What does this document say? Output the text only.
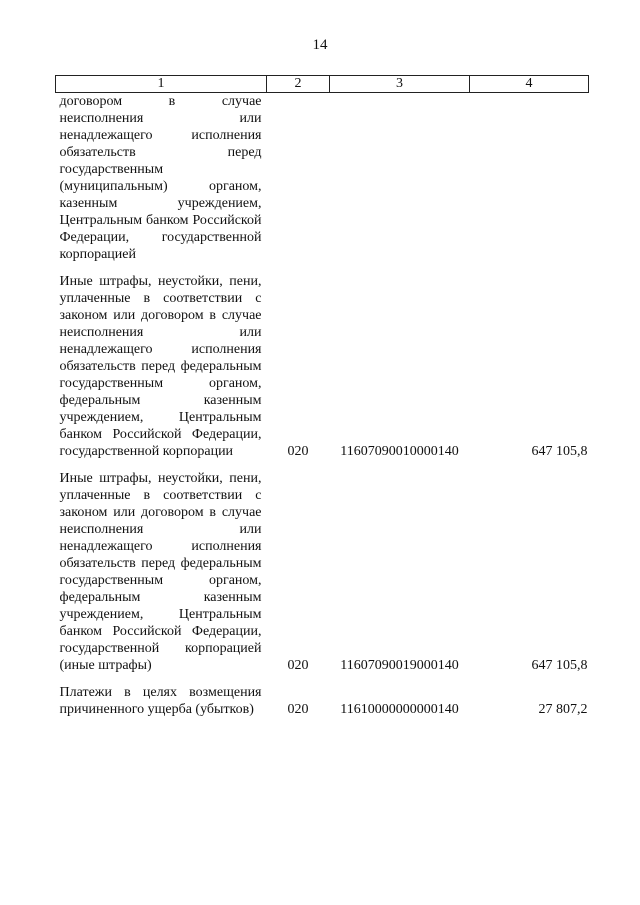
14
1	2	3	4
договором в случае неисполнения или ненадлежащего исполнения обязательств перед государственным (муниципальным) органом, казенным учреждением, Центральным банком Российской Федерации, государственной корпорацией			
Иные штрафы, неустойки, пени, уплаченные в соответствии с законом или договором в случае неисполнения или ненадлежащего исполнения обязательств перед федеральным государственным органом, федеральным казенным учреждением, Центральным банком Российской Федерации, государственной корпорации	020	11607090010000140	647 105,8
Иные штрафы, неустойки, пени, уплаченные в соответствии с законом или договором в случае неисполнения или ненадлежащего исполнения обязательств перед федеральным государственным органом, федеральным казенным учреждением, Центральным банком Российской Федерации, государственной корпорацией (иные штрафы)	020	11607090019000140	647 105,8
Платежи в целях возмещения причиненного ущерба (убытков)	020	11610000000000140	27 807,2
